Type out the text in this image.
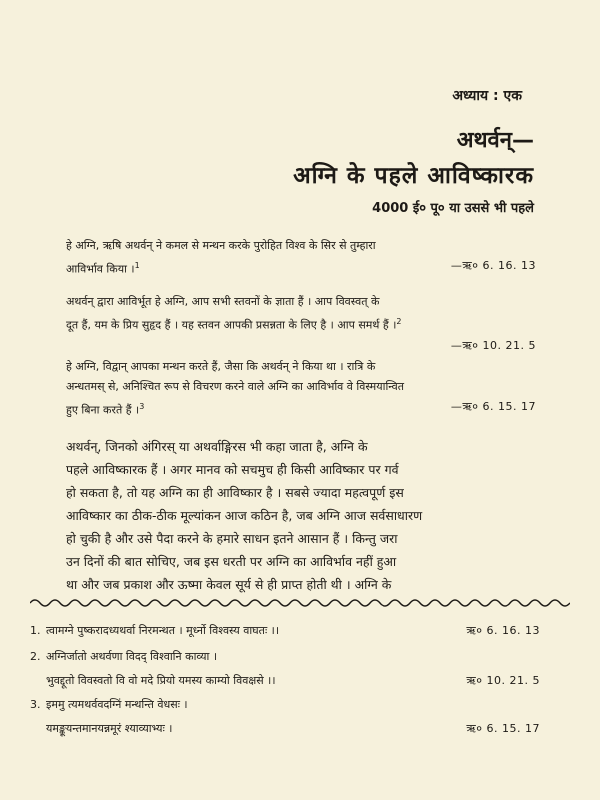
अध्याय : एक
अथर्वन्—
अग्नि के पहले आविष्कारक
4000 ई० पू० या उससे भी पहले
हे अग्नि, ऋषि अथर्वन् ने कमल से मन्थन करके पुरोहित विश्व के सिर से तुम्हारा
आविर्भाव किया ।$^1$	—ऋ० 6. 16. 13
अथर्वन् द्वारा आविर्भूत हे अग्नि, आप सभी स्तवनों के ज्ञाता हैं । आप विवस्वत् के
दूत हैं, यम के प्रिय सुहृद हैं । यह स्तवन आपकी प्रसन्नता के लिए है । आप समर्थ हैं ।$^2$
—ऋ० 10. 21. 5
हे अग्नि, विद्वान् आपका मन्थन करते हैं, जैसा कि अथर्वन् ने किया था । रात्रि के
अन्धतमस् से, अनिश्चित रूप से विचरण करने वाले अग्नि का आविर्भाव वे विस्मयान्वित
हुए बिना करते हैं ।$^3$	—ऋ० 6. 15. 17
अथर्वन्, जिनको अंगिरस् या अथर्वाङ्गिरस भी कहा जाता है, अग्नि के
पहले आविष्कारक हैं । अगर मानव को सचमुच ही किसी आविष्कार पर गर्व
हो सकता है, तो यह अग्नि का ही आविष्कार है । सबसे ज्यादा महत्वपूर्ण इस
आविष्कार का ठीक-ठीक मूल्यांकन आज कठिन है, जब अग्नि आज सर्वसाधारण
हो चुकी है और उसे पैदा करने के हमारे साधन इतने आसान हैं । किन्तु जरा
उन दिनों की बात सोचिए, जब इस धरती पर अग्नि का आविर्भाव नहीं हुआ
था और जब प्रकाश और ऊष्मा केवल सूर्य से ही प्राप्त होती थी । अग्नि के
1. त्वामग्ने पुष्करादध्यथर्वा निरमन्थत । मूर्ध्नो विश्वस्य वाघतः ।।	ऋ० 6. 16. 13
2. अग्निर्जातो अथर्वणा विदद् विश्वानि काव्या ।
भुवद्दूतो विवस्वतो वि वो मदे प्रियो यमस्य काम्यो विवक्षसे ।।	ऋ० 10. 21. 5
3. इममु त्यमथर्ववदग्निं मन्थन्ति वेधसः ।
यमङ्कूयन्तमानयन्नमूरं श्याव्याभ्यः ।	ऋ० 6. 15. 17
